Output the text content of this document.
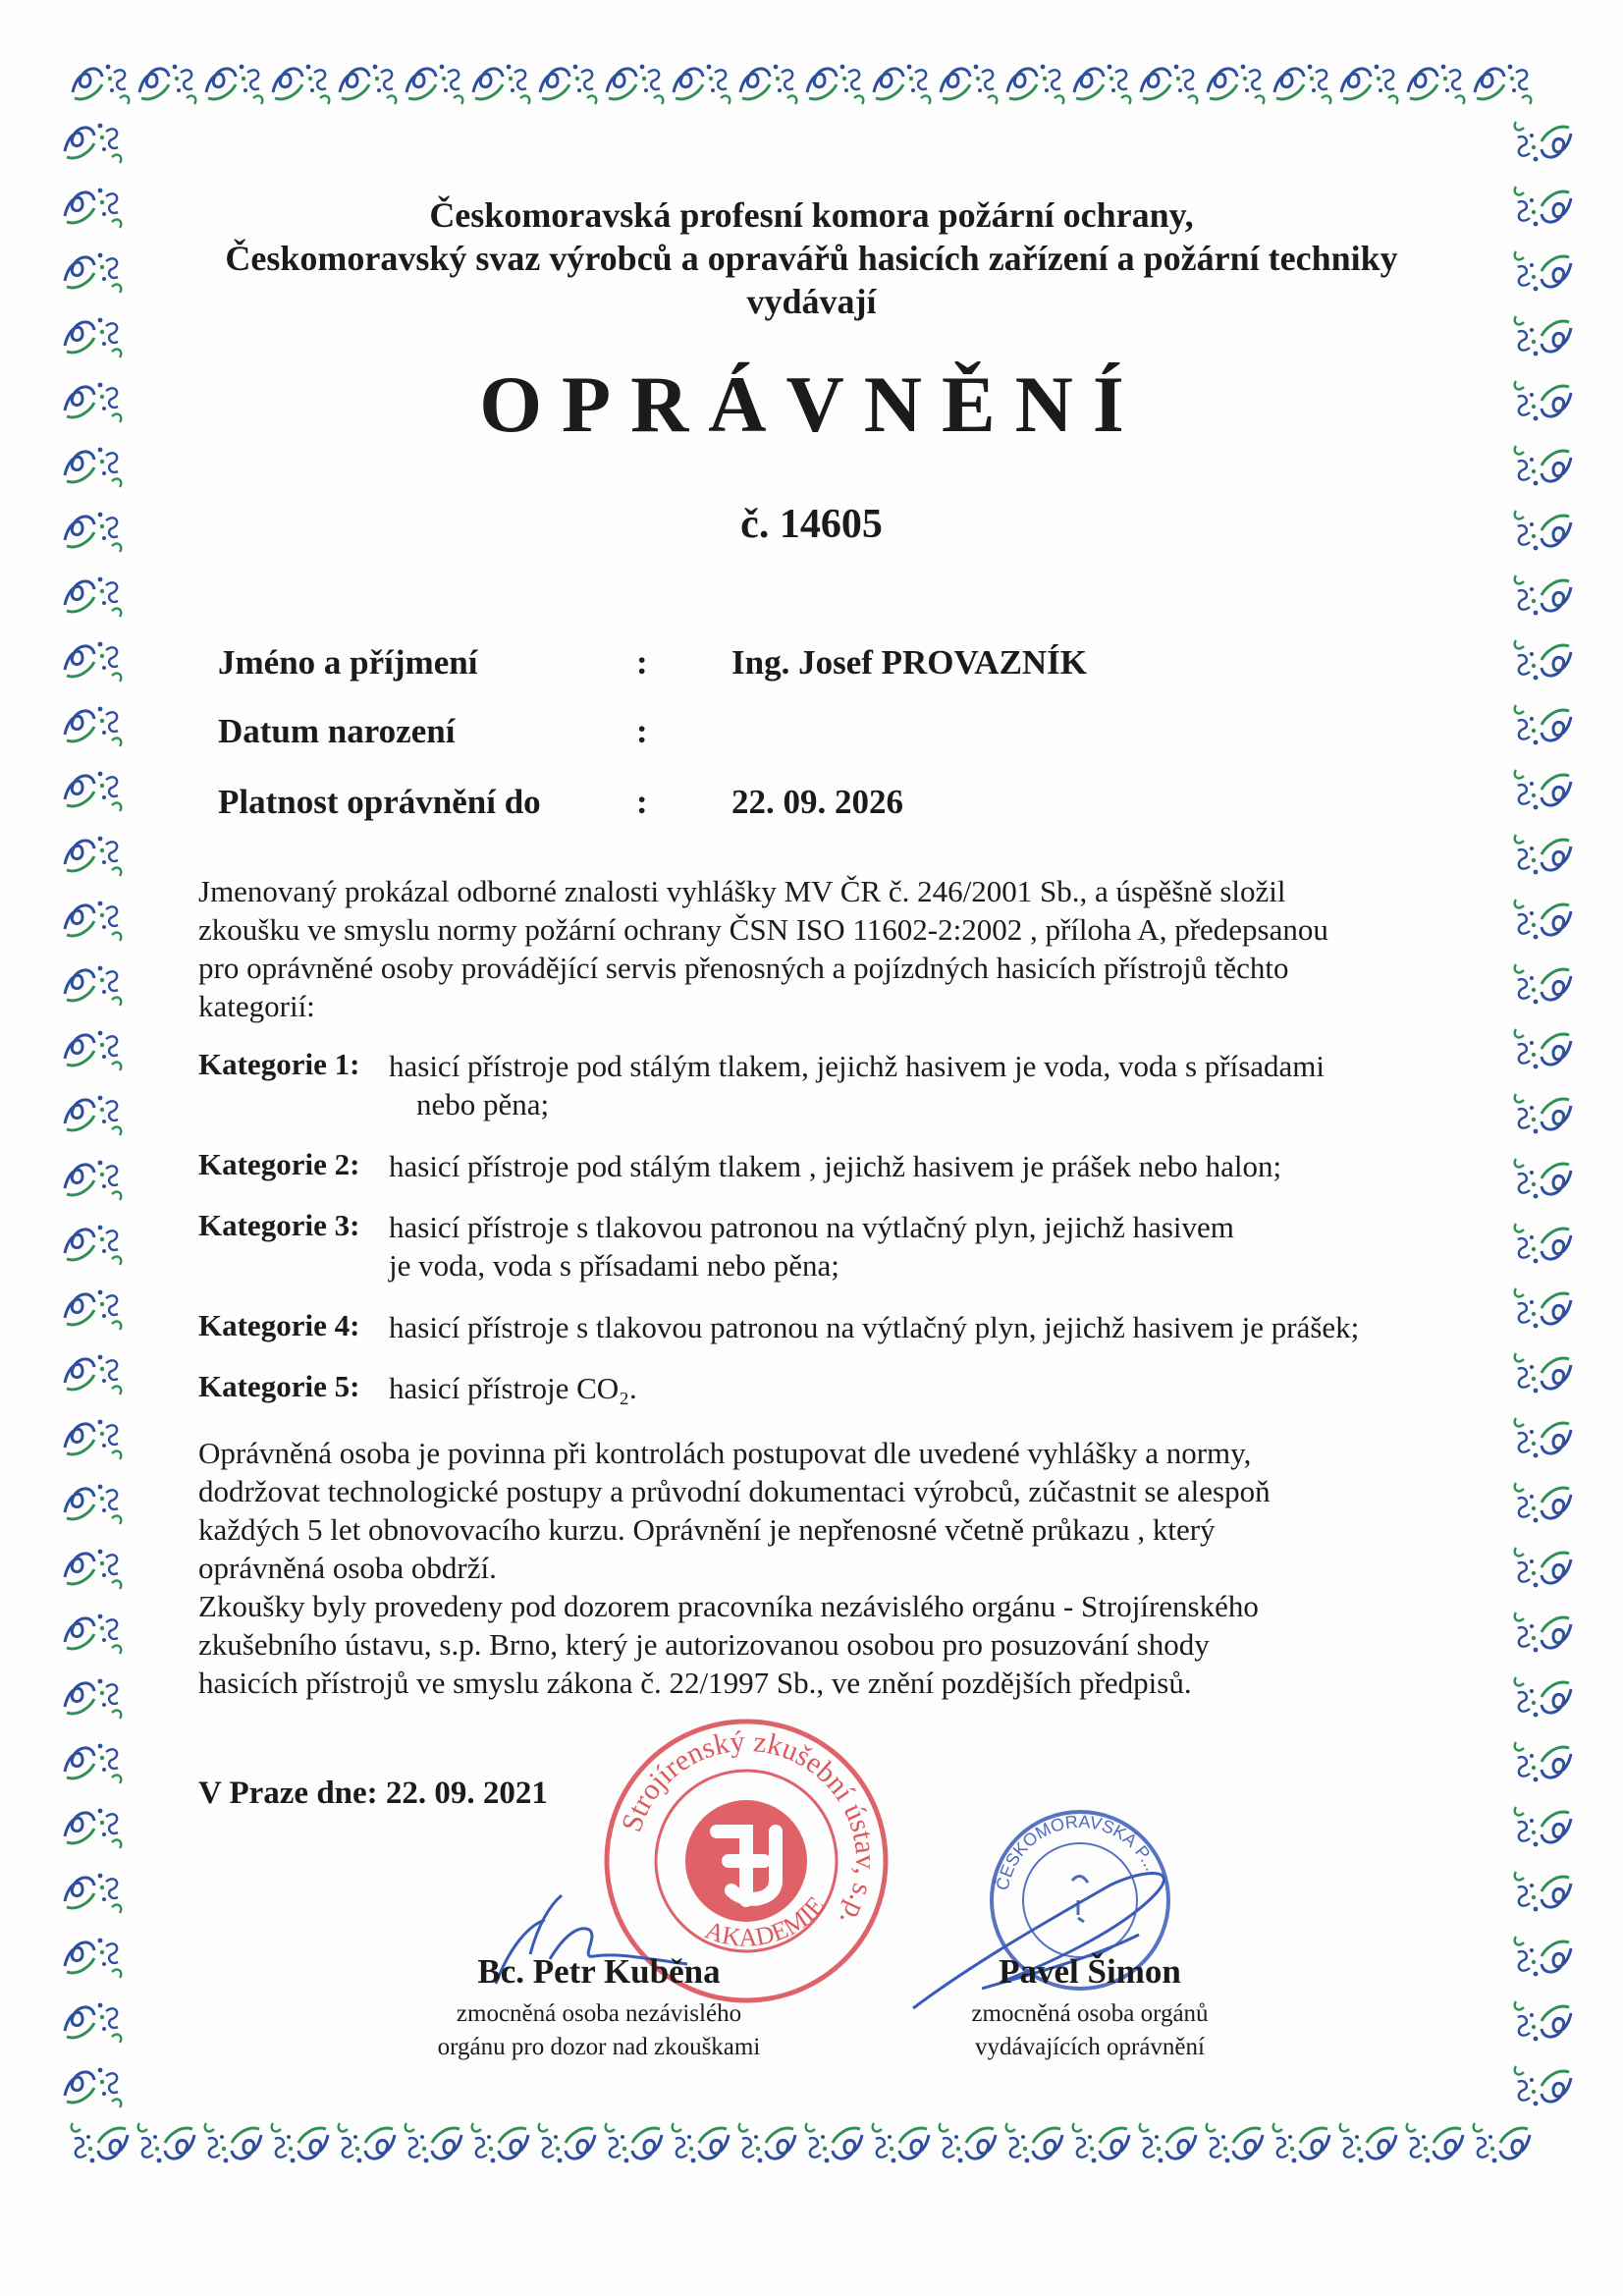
Českomoravská profesní komora požární ochrany,
Českomoravský svaz výrobců a opravářů hasicích zařízení a požární techniky
vydávají
OPRÁVNĚNÍ
č. 14605
Jméno a příjmení	: Ing. Josef PROVAZNÍK
Datum narození	:
Platnost oprávnění do	: 22. 09. 2026
Jmenovaný prokázal odborné znalosti vyhlášky MV ČR č. 246/2001 Sb., a úspěšně složil
zkoušku ve smyslu normy požární ochrany ČSN ISO 11602-2:2002 , příloha A, předepsanou
pro oprávněné osoby provádějící servis přenosných a pojízdných hasicích přístrojů těchto
kategorií:
Kategorie 1: hasicí přístroje pod stálým tlakem, jejichž hasivem je voda, voda s přísadami
nebo pěna;
Kategorie 2: hasicí přístroje pod stálým tlakem , jejichž hasivem je prášek nebo halon;
Kategorie 3: hasicí přístroje s tlakovou patronou na výtlačný plyn, jejichž hasivem
je voda, voda s přísadami nebo pěna;
Kategorie 4: hasicí přístroje s tlakovou patronou na výtlačný plyn, jejichž hasivem je prášek;
Kategorie 5: hasicí přístroje CO₂.
Oprávněná osoba je povinna při kontrolách postupovat dle uvedené vyhlášky a normy,
dodržovat technologické postupy a průvodní dokumentaci výrobců, zúčastnit se alespoň
každých 5 let obnovovacího kurzu. Oprávnění je nepřenosné včetně průkazu , který
oprávněná osoba obdrží.
Zkoušky byly provedeny pod dozorem pracovníka nezávislého orgánu - Strojírenského
zkušebního ústavu, s.p. Brno, který je autorizovanou osobou pro posuzování shody
hasicích přístrojů ve smyslu zákona č. 22/1997 Sb., ve znění pozdějších předpisů.
V Praze dne: 22. 09. 2021
Strojírenský zkušební ústav, s.p.
AKADEMIE
ČESKOMORAVSKÁ P...
Bc. Petr Kuběna
zmocněná osoba nezávislého
orgánu pro dozor nad zkouškami
Pavel Šimon
zmocněná osoba orgánů
vydávajících oprávnění
